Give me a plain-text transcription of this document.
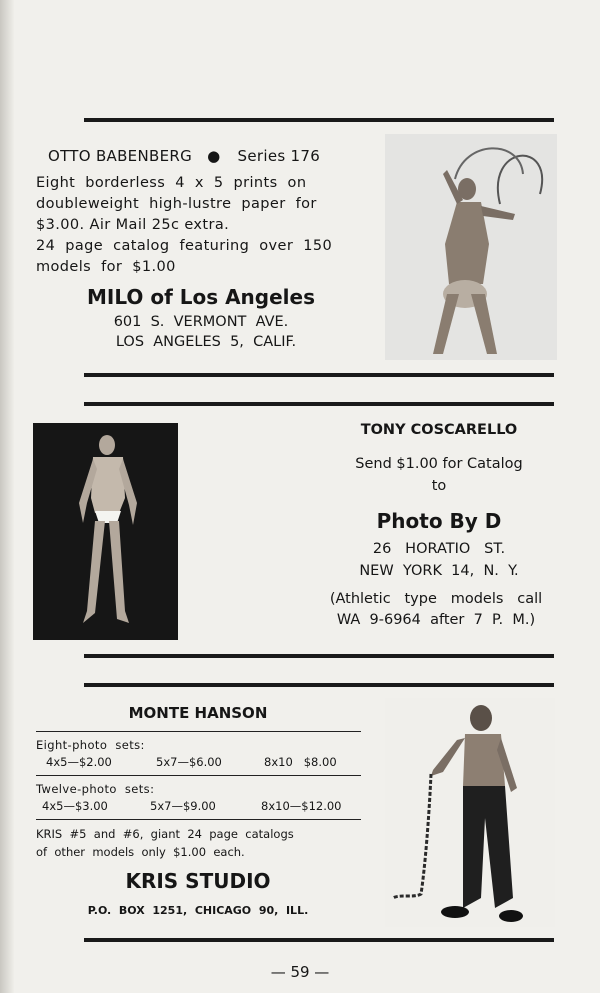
OTTO BABENBERG ● Series 176
Eight  borderless  4  x  5  prints  on
doubleweight  high-lustre  paper  for
$3.00. Air Mail 25c extra.
24  page  catalog  featuring  over  150
models  for  $1.00
MILO of Los Angeles
601  S.  VERMONT  AVE.
LOS  ANGELES  5,  CALIF.
TONY COSCARELLO
Send $1.00 for Catalog
to
Photo By D
26   HORATIO   ST.
NEW  YORK  14,  N.  Y.
(Athletic   type   models   call
WA  9-6964  after  7  P.  M.)
MONTE HANSON
Eight-photo  sets:
4x5—$2.00	5x7—$6.00	8x10   $8.00
Twelve-photo  sets:
4x5—$3.00	5x7—$9.00	8x10—$12.00
KRIS  #5  and  #6,  giant  24  page  catalogs
of  other  models  only  $1.00  each.
KRIS STUDIO
P.O.  BOX  1251,  CHICAGO  90,  ILL.
— 59 —
